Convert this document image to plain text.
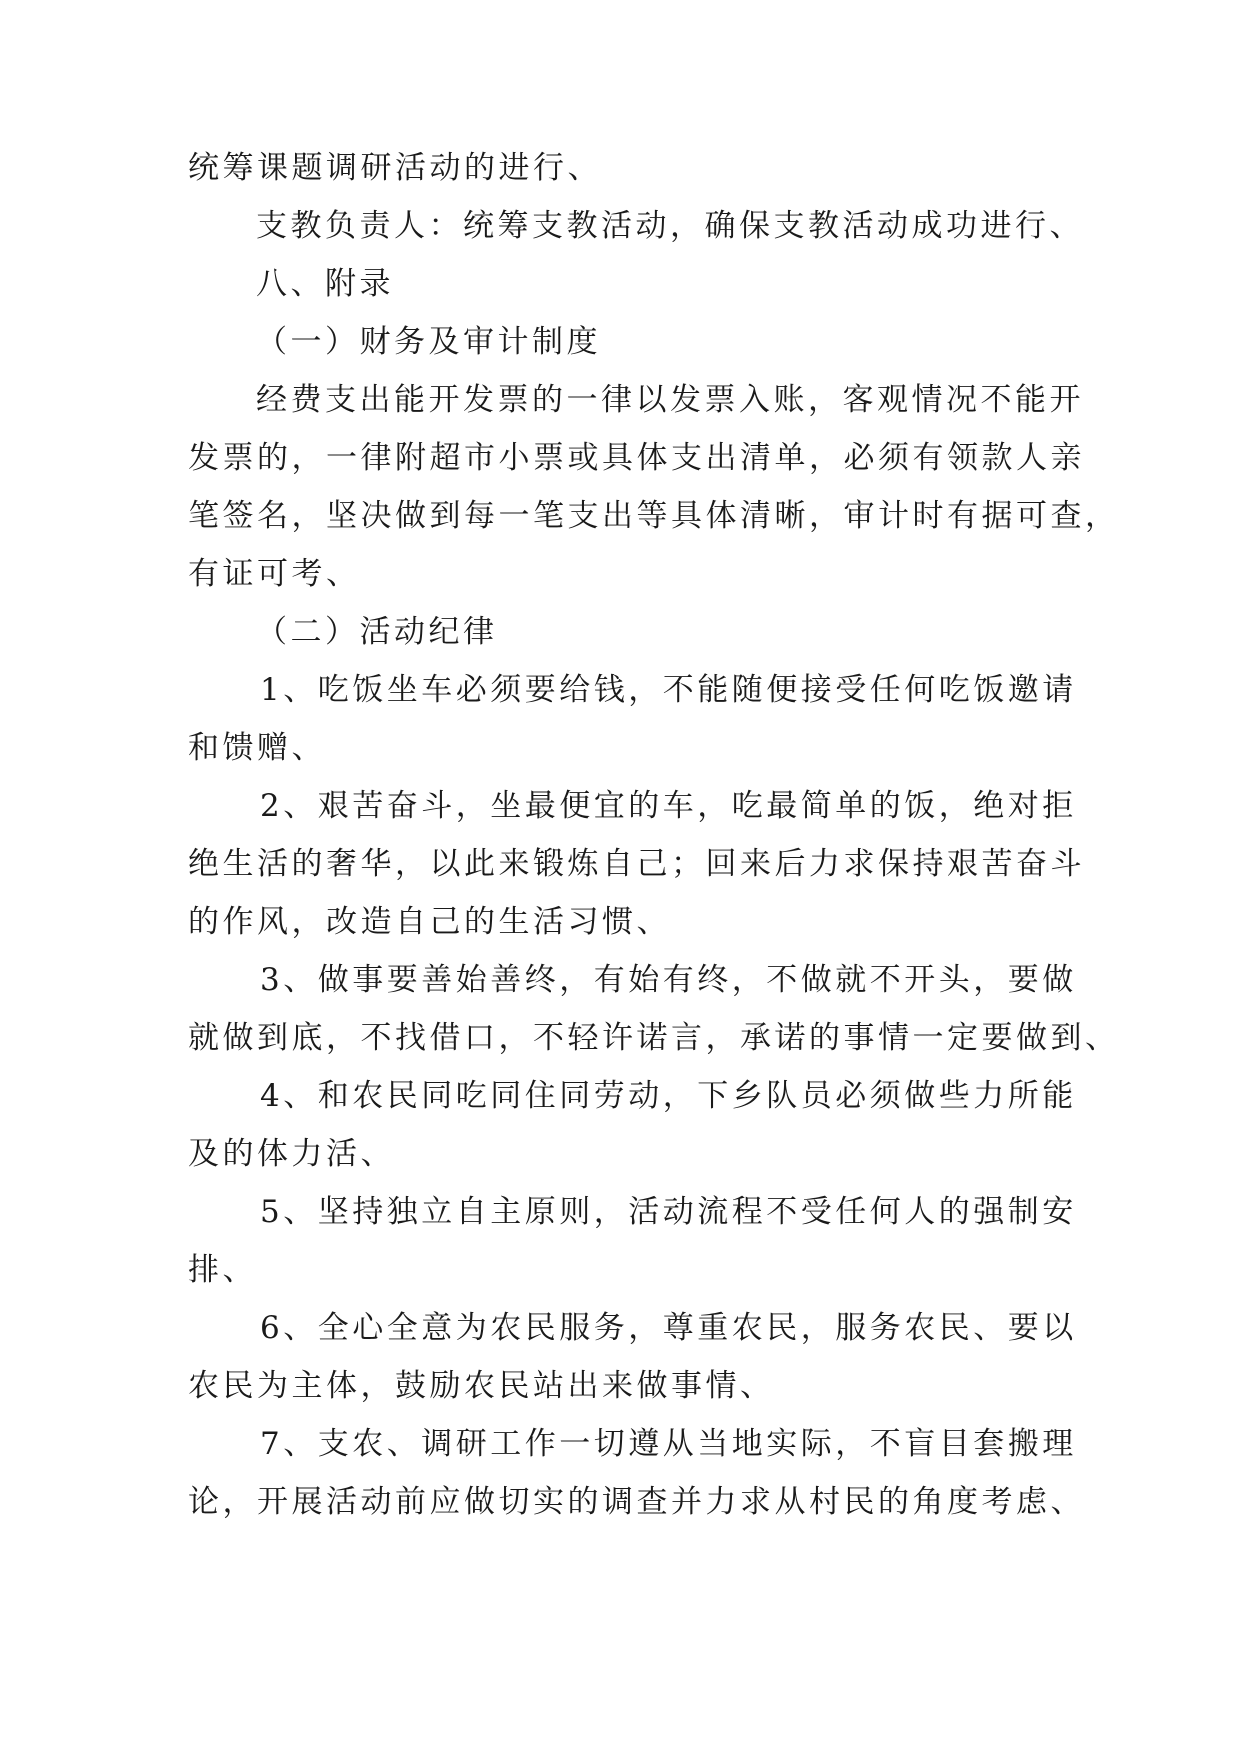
统筹课题调研活动的进行、
支教负责人：统筹支教活动，确保支教活动成功进行、
八、附录
（一）财务及审计制度
经费支出能开发票的一律以发票入账，客观情况不能开
发票的，一律附超市小票或具体支出清单，必须有领款人亲
笔签名，坚决做到每一笔支出等具体清晰，审计时有据可查，
有证可考、
（二）活动纪律
1、吃饭坐车必须要给钱，不能随便接受任何吃饭邀请
和馈赠、
2、艰苦奋斗，坐最便宜的车，吃最简单的饭，绝对拒
绝生活的奢华，以此来锻炼自己；回来后力求保持艰苦奋斗
的作风，改造自己的生活习惯、
3、做事要善始善终，有始有终，不做就不开头，要做
就做到底，不找借口，不轻许诺言，承诺的事情一定要做到、
4、和农民同吃同住同劳动，下乡队员必须做些力所能
及的体力活、
5、坚持独立自主原则，活动流程不受任何人的强制安
排、
6、全心全意为农民服务，尊重农民，服务农民、要以
农民为主体，鼓励农民站出来做事情、
7、支农、调研工作一切遵从当地实际，不盲目套搬理
论，开展活动前应做切实的调查并力求从村民的角度考虑、
